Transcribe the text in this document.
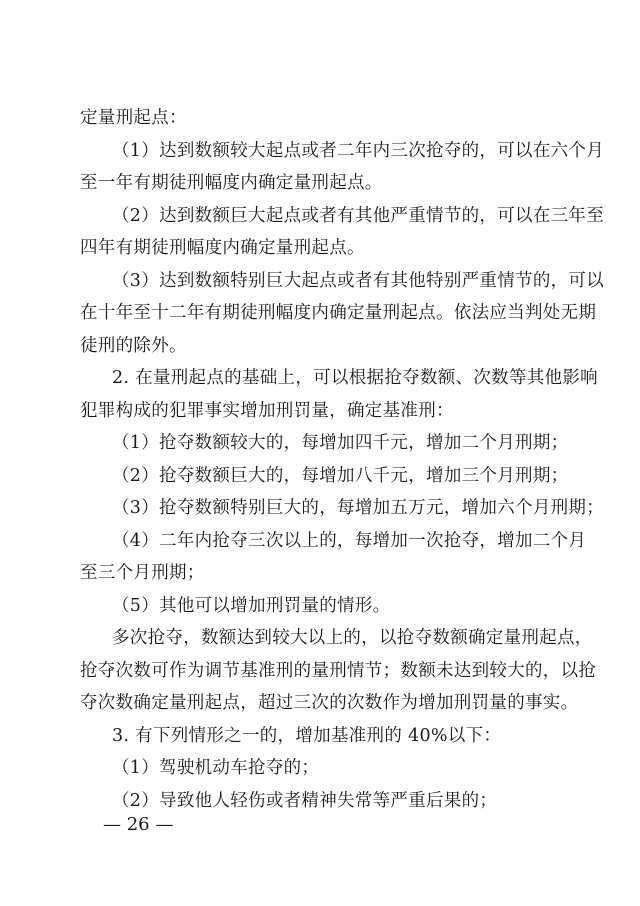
定量刑起点：
（1）达到数额较大起点或者二年内三次抢夺的，可以在六个月
至一年有期徒刑幅度内确定量刑起点。
（2）达到数额巨大起点或者有其他严重情节的，可以在三年至
四年有期徒刑幅度内确定量刑起点。
（3）达到数额特别巨大起点或者有其他特别严重情节的，可以
在十年至十二年有期徒刑幅度内确定量刑起点。依法应当判处无期
徒刑的除外。
2. 在量刑起点的基础上，可以根据抢夺数额、次数等其他影响
犯罪构成的犯罪事实增加刑罚量，确定基准刑：
（1）抢夺数额较大的，每增加四千元，增加二个月刑期；
（2）抢夺数额巨大的，每增加八千元，增加三个月刑期；
（3）抢夺数额特别巨大的，每增加五万元，增加六个月刑期；
（4）二年内抢夺三次以上的，每增加一次抢夺，增加二个月
至三个月刑期；
（5）其他可以增加刑罚量的情形。
多次抢夺，数额达到较大以上的，以抢夺数额确定量刑起点，
抢夺次数可作为调节基准刑的量刑情节；数额未达到较大的，以抢
夺次数确定量刑起点，超过三次的次数作为增加刑罚量的事实。
3. 有下列情形之一的，增加基准刑的 40%以下：
（1）驾驶机动车抢夺的；
（2）导致他人轻伤或者精神失常等严重后果的；
— 26 —
